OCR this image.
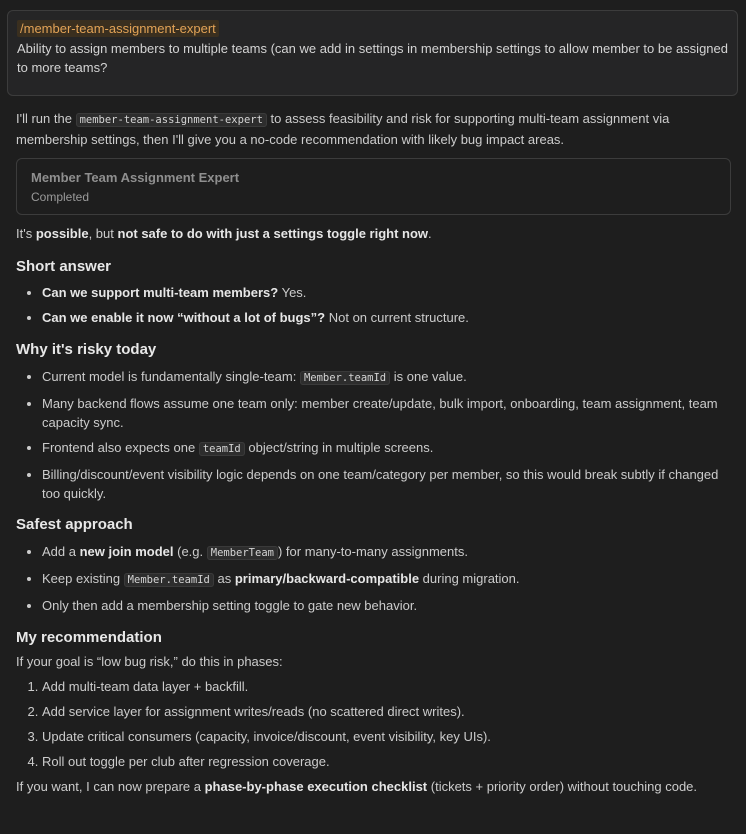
/member-team-assignment-expert
Ability to assign members to multiple teams (can we add in settings in membership settings to allow member to be assigned to more teams?

I'll run the member-team-assignment-expert to assess feasibility and risk for supporting multi-team assignment via membership settings, then I'll give you a no-code recommendation with likely bug impact areas.

Member Team Assignment Expert
Completed

It's possible, but not safe to do with just a settings toggle right now.

Short answer
• Can we support multi-team members? Yes.
• Can we enable it now “without a lot of bugs”? Not on current structure.
Why it's risky today
• Current model is fundamentally single-team: Member.teamId is one value.
• Many backend flows assume one team only: member create/update, bulk import, onboarding, team assignment, team capacity sync.
• Frontend also expects one teamId object/string in multiple screens.
• Billing/discount/event visibility logic depends on one team/category per member, so this would break subtly if changed too quickly.
Safest approach
• Add a new join model (e.g. MemberTeam ) for many-to-many assignments.
• Keep existing Member.teamId as primary/backward-compatible during migration.
• Only then add a membership setting toggle to gate new behavior.
My recommendation

If your goal is “low bug risk,” do this in phases:

1. Add multi-team data layer + backfill.
2. Add service layer for assignment writes/reads (no scattered direct writes).
3. Update critical consumers (capacity, invoice/discount, event visibility, key UIs).
4. Roll out toggle per club after regression coverage.

If you want, I can now prepare a phase-by-phase execution checklist (tickets + priority order) without touching code.
